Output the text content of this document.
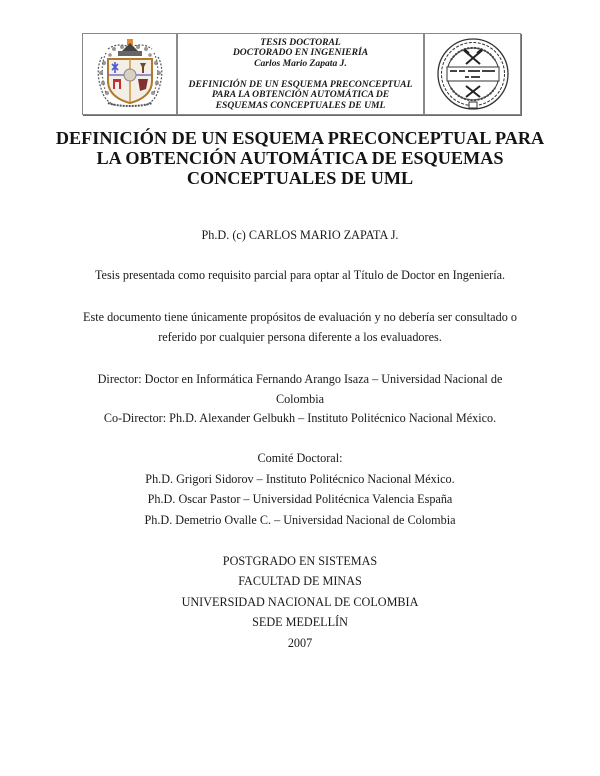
TESIS DOCTORAL
DOCTORADO EN INGENIERÍA
Carlos Mario Zapata J.
DEFINICIÓN DE UN ESQUEMA PRECONCEPTUAL
PARA LA OBTENCIÓN AUTOMÁTICA DE
ESQUEMAS CONCEPTUALES DE UML
DEFINICIÓN DE UN ESQUEMA PRECONCEPTUAL PARA
LA OBTENCIÓN AUTOMÁTICA DE ESQUEMAS
CONCEPTUALES DE UML
Ph.D. (c) CARLOS MARIO ZAPATA J.
Tesis presentada como requisito parcial para optar al Título de Doctor en Ingeniería.
Este documento tiene únicamente propósitos de evaluación y no debería ser consultado o
referido por cualquier persona diferente a los evaluadores.
Director: Doctor en Informática Fernando Arango Isaza – Universidad Nacional de
Colombia
Co-Director: Ph.D. Alexander Gelbukh – Instituto Politécnico Nacional México.
Comité Doctoral:
Ph.D. Grigori Sidorov – Instituto Politécnico Nacional México.
Ph.D. Oscar Pastor – Universidad Politécnica Valencia España
Ph.D. Demetrio Ovalle C. – Universidad Nacional de Colombia
POSTGRADO EN SISTEMAS
FACULTAD DE MINAS
UNIVERSIDAD NACIONAL DE COLOMBIA
SEDE MEDELLÍN
2007
